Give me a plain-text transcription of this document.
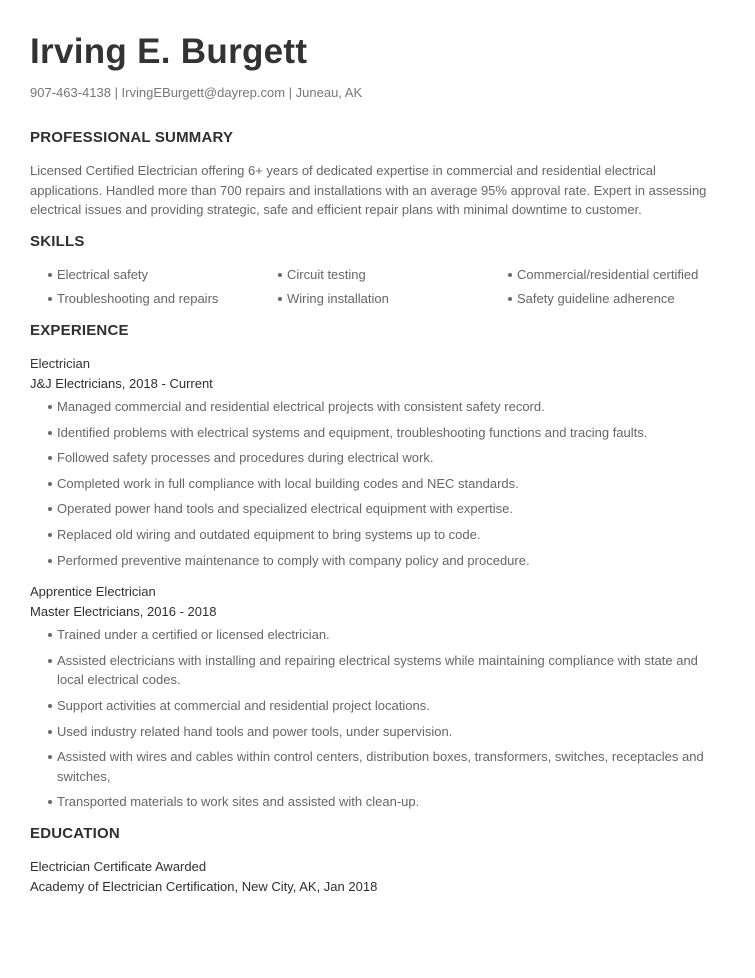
Irving E. Burgett
907-463-4138 | IrvingEBurgett@dayrep.com | Juneau, AK
PROFESSIONAL SUMMARY
Licensed Certified Electrician offering 6+ years of dedicated expertise in commercial and residential electrical applications. Handled more than 700 repairs and installations with an average 95% approval rate. Expert in assessing electrical issues and providing strategic, safe and efficient repair plans with minimal downtime to customer.
SKILLS
Electrical safety	Circuit testing	Commercial/residential certified
Troubleshooting and repairs	Wiring installation	Safety guideline adherence
EXPERIENCE
Electrician
J&J Electricians, 2018 - Current
Managed commercial and residential electrical projects with consistent safety record.
Identified problems with electrical systems and equipment, troubleshooting functions and tracing faults.
Followed safety processes and procedures during electrical work.
Completed work in full compliance with local building codes and NEC standards.
Operated power hand tools and specialized electrical equipment with expertise.
Replaced old wiring and outdated equipment to bring systems up to code.
Performed preventive maintenance to comply with company policy and procedure.
Apprentice Electrician
Master Electricians, 2016 - 2018
Trained under a certified or licensed electrician.
Assisted electricians with installing and repairing electrical systems while maintaining compliance with state and local electrical codes.
Support activities at commercial and residential project locations.
Used industry related hand tools and power tools, under supervision.
Assisted with wires and cables within control centers, distribution boxes, transformers, switches, receptacles and switches,
Transported materials to work sites and assisted with clean-up.
EDUCATION
Electrician Certificate Awarded
Academy of Electrician Certification, New City, AK, Jan 2018
